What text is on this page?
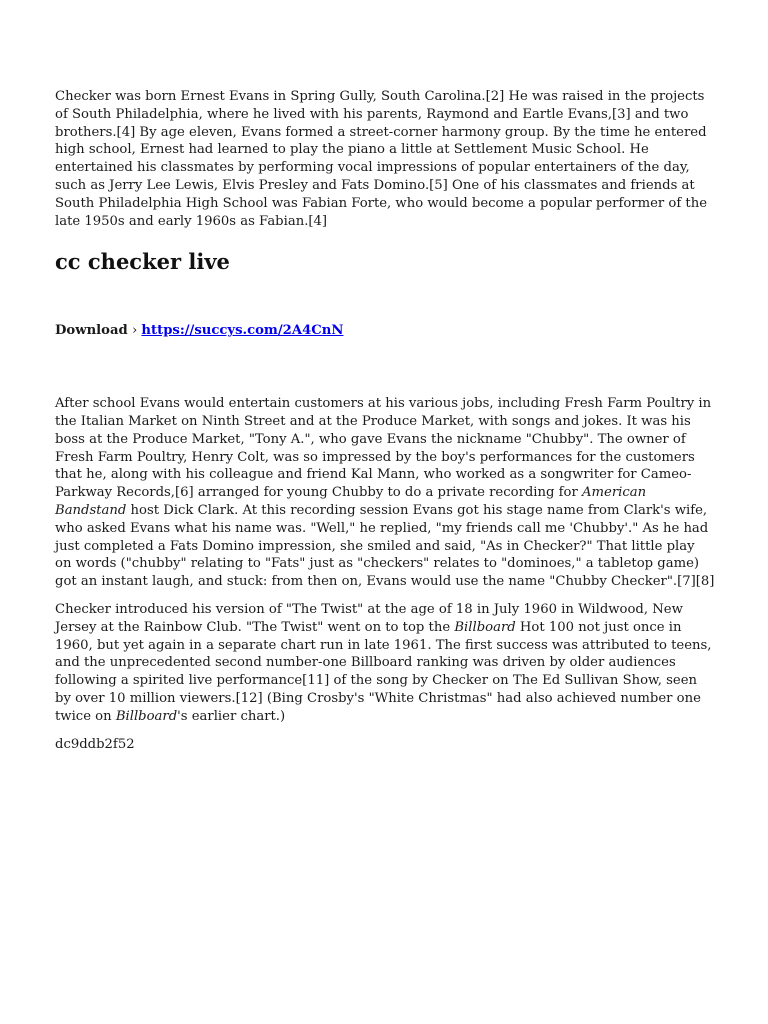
Checker was born Ernest Evans in Spring Gully, South Carolina.[2] He was raised in the projects of South Philadelphia, where he lived with his parents, Raymond and Eartle Evans,[3] and two brothers.[4] By age eleven, Evans formed a street-corner harmony group. By the time he entered high school, Ernest had learned to play the piano a little at Settlement Music School. He entertained his classmates by performing vocal impressions of popular entertainers of the day, such as Jerry Lee Lewis, Elvis Presley and Fats Domino.[5] One of his classmates and friends at South Philadelphia High School was Fabian Forte, who would become a popular performer of the late 1950s and early 1960s as Fabian.[4]

cc checker live
Download › https://succys.com/2A4CnN

After school Evans would entertain customers at his various jobs, including Fresh Farm Poultry in the Italian Market on Ninth Street and at the Produce Market, with songs and jokes. It was his boss at the Produce Market, "Tony A.", who gave Evans the nickname "Chubby". The owner of Fresh Farm Poultry, Henry Colt, was so impressed by the boy's performances for the customers that he, along with his colleague and friend Kal Mann, who worked as a songwriter for Cameo-Parkway Records,[6] arranged for young Chubby to do a private recording for American Bandstand host Dick Clark. At this recording session Evans got his stage name from Clark's wife, who asked Evans what his name was. "Well," he replied, "my friends call me 'Chubby'." As he had just completed a Fats Domino impression, she smiled and said, "As in Checker?" That little play on words ("chubby" relating to "Fats" just as "checkers" relates to "dominoes," a tabletop game) got an instant laugh, and stuck: from then on, Evans would use the name "Chubby Checker".[7][8]

Checker introduced his version of "The Twist" at the age of 18 in July 1960 in Wildwood, New Jersey at the Rainbow Club. "The Twist" went on to top the Billboard Hot 100 not just once in 1960, but yet again in a separate chart run in late 1961. The first success was attributed to teens, and the unprecedented second number-one Billboard ranking was driven by older audiences following a spirited live performance[11] of the song by Checker on The Ed Sullivan Show, seen by over 10 million viewers.[12] (Bing Crosby's "White Christmas" had also achieved number one twice on Billboard's earlier chart.)

dc9ddb2f52
